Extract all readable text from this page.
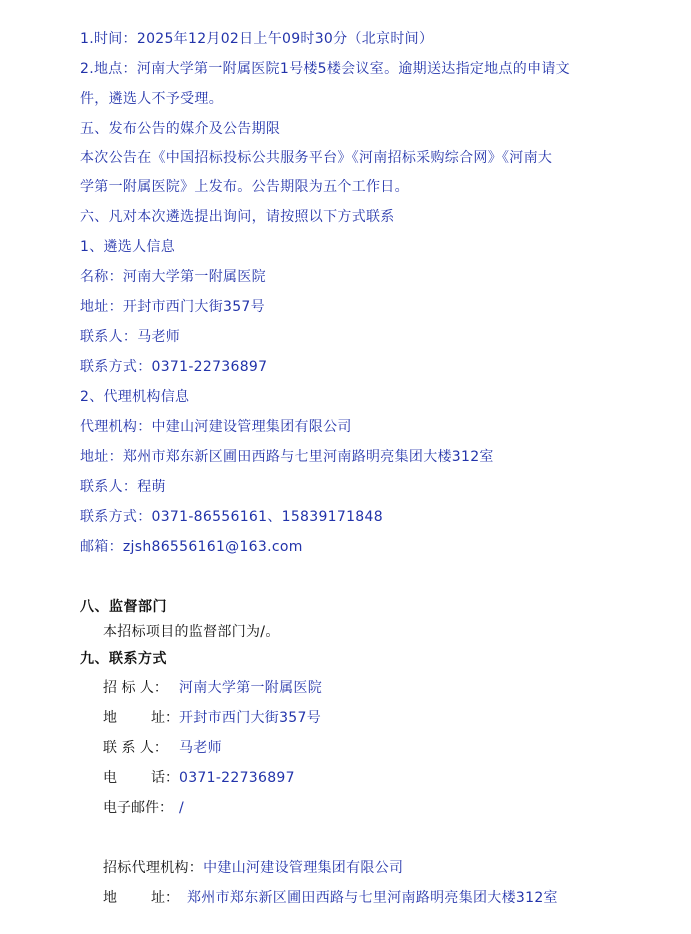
1.时间：2025年12月02日上午09时30分（北京时间）
2.地点：河南大学第一附属医院1号楼5楼会议室。逾期送达指定地点的申请文
件，遴选人不予受理。
五、发布公告的媒介及公告期限
本次公告在《中国招标投标公共服务平台》《河南招标采购综合网》《河南大
学第一附属医院》上发布。公告期限为五个工作日。
六、凡对本次遴选提出询问，请按照以下方式联系
1、遴选人信息
名称：河南大学第一附属医院
地址：开封市西门大街357号
联系人：马老师
联系方式：0371-22736897
2、代理机构信息
代理机构：中建山河建设管理集团有限公司
地址：郑州市郑东新区圃田西路与七里河南路明亮集团大楼312室
联系人：程萌
联系方式：0371-86556161、15839171848
邮箱：zjsh86556161@163.com
八、监督部门
本招标项目的监督部门为/。
九、联系方式
招 标 人： 河南大学第一附属医院
地 址：开封市西门大街357号
联 系 人： 马老师
电 话：0371-22736897
电子邮件： /
招标代理机构：中建山河建设管理集团有限公司
地 址： 郑州市郑东新区圃田西路与七里河南路明亮集团大楼312室
